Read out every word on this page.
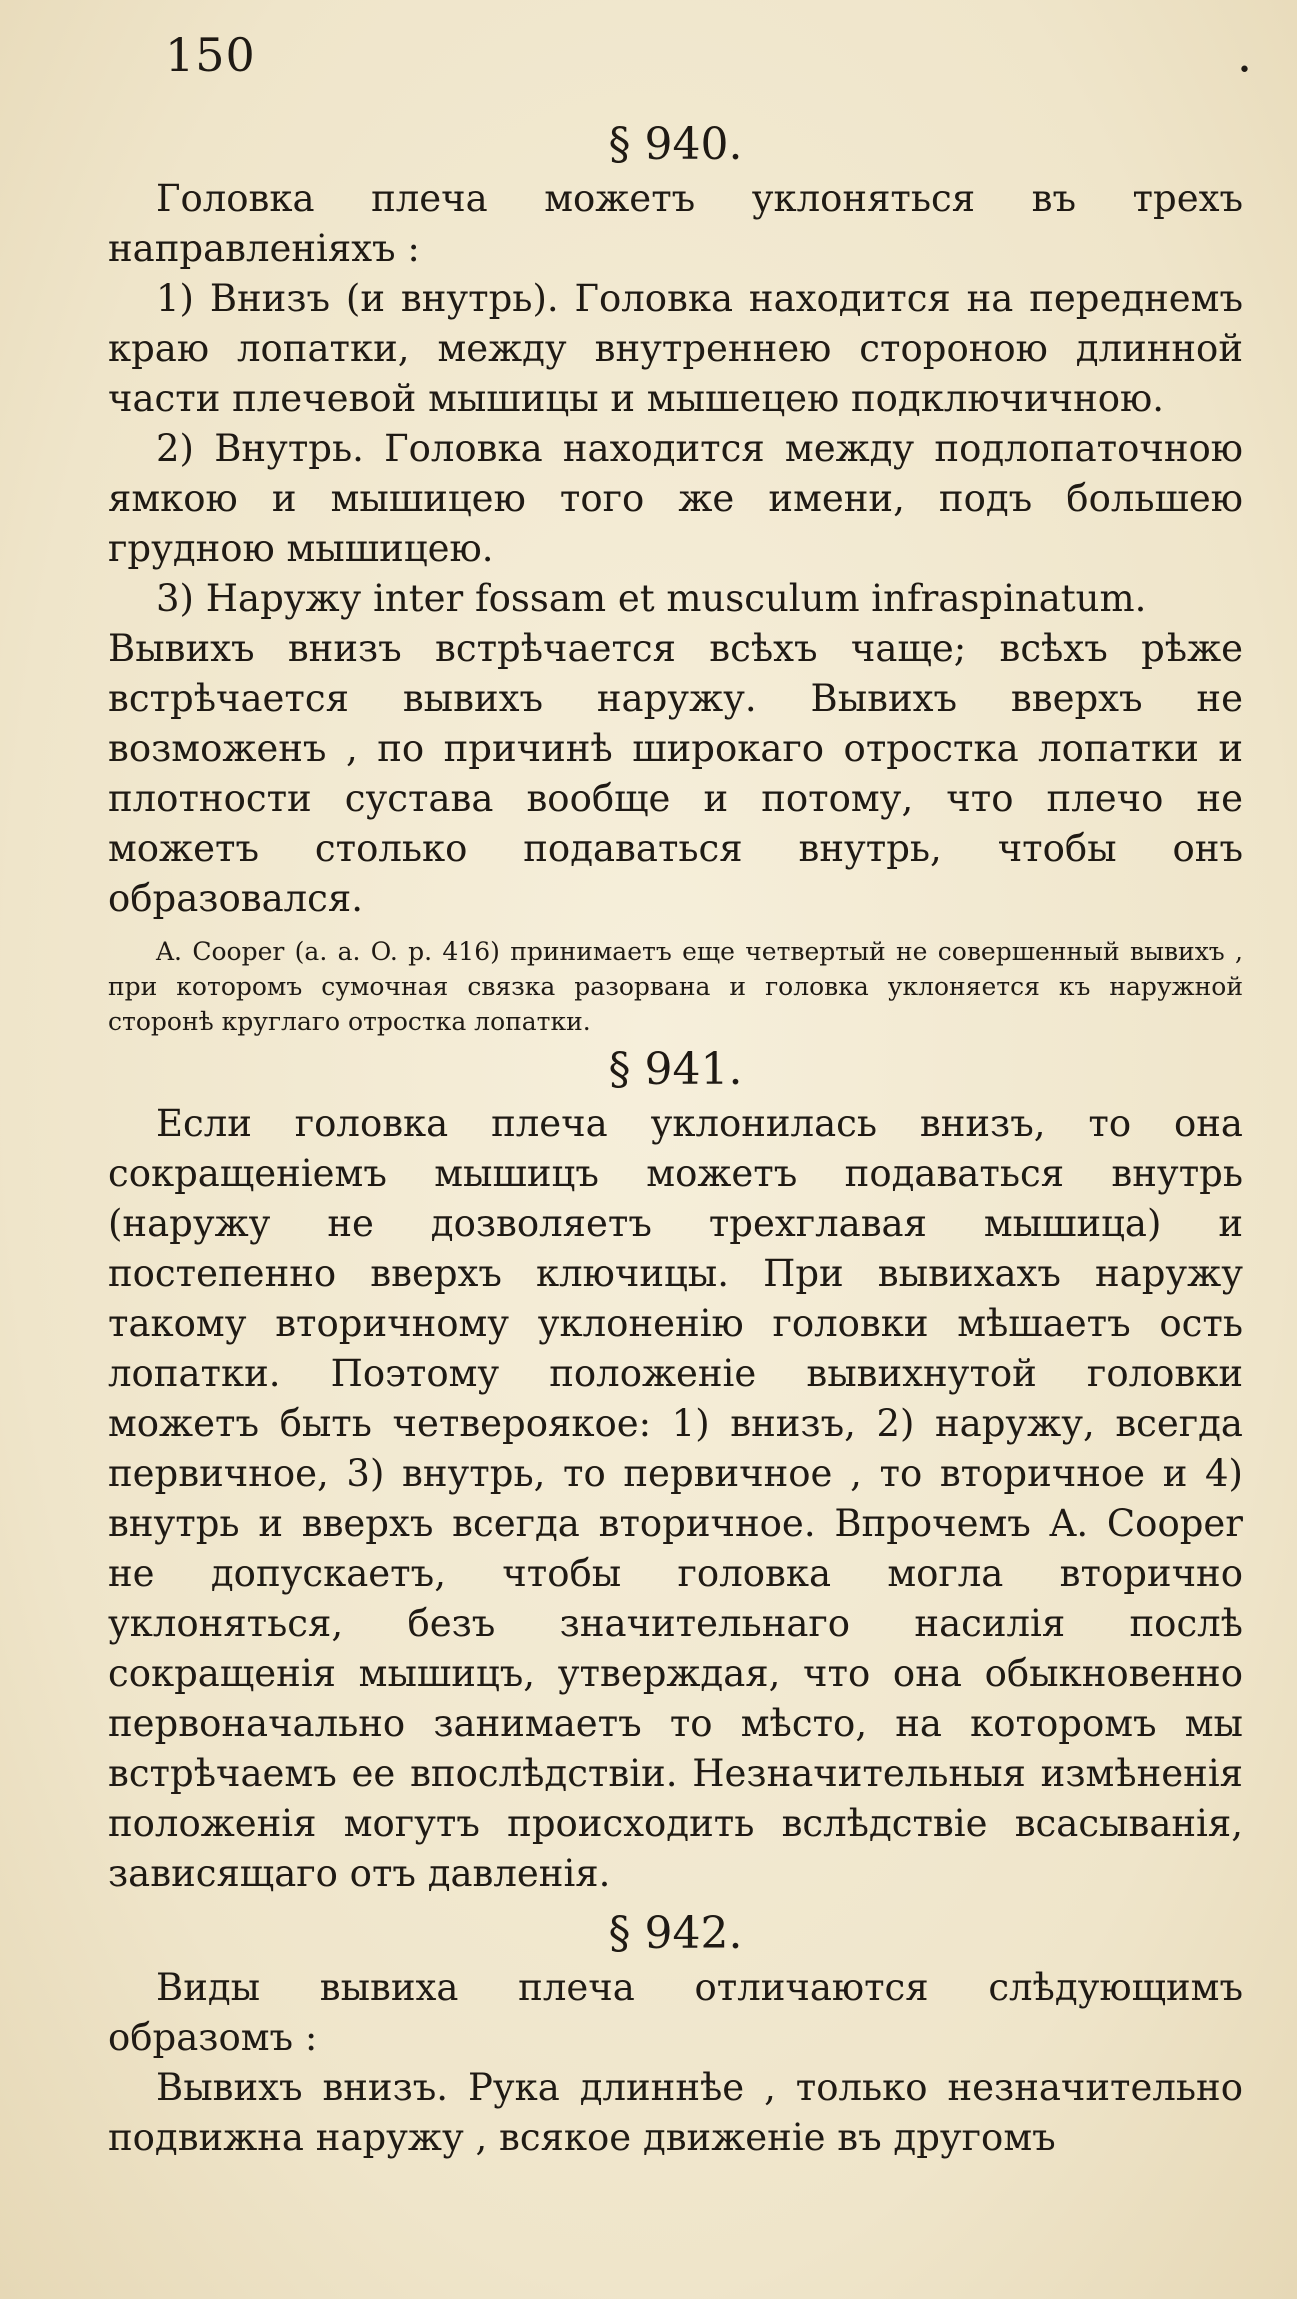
150	•
§ 940.

Головка плеча можетъ уклоняться въ трехъ направленіяхъ :

1) Внизъ (и внутрь). Головка находится на переднемъ краю лопатки, между внутреннею стороною длинной части плечевой мышицы и мышецею подключичною.

2) Внутрь. Головка находится между подлопаточною ямкою и мышицею того же имени, подъ большею грудною мышицею.

3) Наружу inter fossam et musculum infraspinatum.

Вывихъ внизъ встрѣчается всѣхъ чаще; всѣхъ рѣже встрѣчается вывихъ наружу. Вывихъ вверхъ не возможенъ , по причинѣ широкаго отростка лопатки и плотности сустава вообще и потому, что плечо не можетъ столько подаваться внутрь, чтобы онъ образовался.

A. Cooper (a. a. O. p. 416) принимаетъ еще четвертый не совершенный вывихъ , при которомъ сумочная связка разорвана и головка уклоняется къ наружной сторонѣ круглаго отростка лопатки.

§ 941.

Если головка плеча уклонилась внизъ, то она сокращеніемъ мышицъ можетъ подаваться внутрь (наружу не дозволяетъ трехглавая мышица) и постепенно вверхъ ключицы. При вывихахъ наружу такому вторичному уклоненію головки мѣшаетъ ость лопатки. Поэтому положеніе вывихнутой головки можетъ быть четвероякое: 1) внизъ, 2) наружу, всегда первичное, 3) внутрь, то первичное , то вторичное и 4) внутрь и вверхъ всегда вторичное. Впрочемъ A. Cooper не допускаетъ, чтобы головка могла вторично уклоняться, безъ значительнаго насилія послѣ сокращенія мышицъ, утверждая, что она обыкновенно первоначально занимаетъ то мѣсто, на которомъ мы встрѣчаемъ ее впослѣдствіи. Незначительныя измѣненія положенія могутъ происходить вслѣдствіе всасыванія, зависящаго отъ давленія.

§ 942.

Виды вывиха плеча отличаются слѣдующимъ образомъ :

Вывихъ внизъ. Рука длиннѣе , только незначительно подвижна наружу , всякое движеніе въ другомъ
